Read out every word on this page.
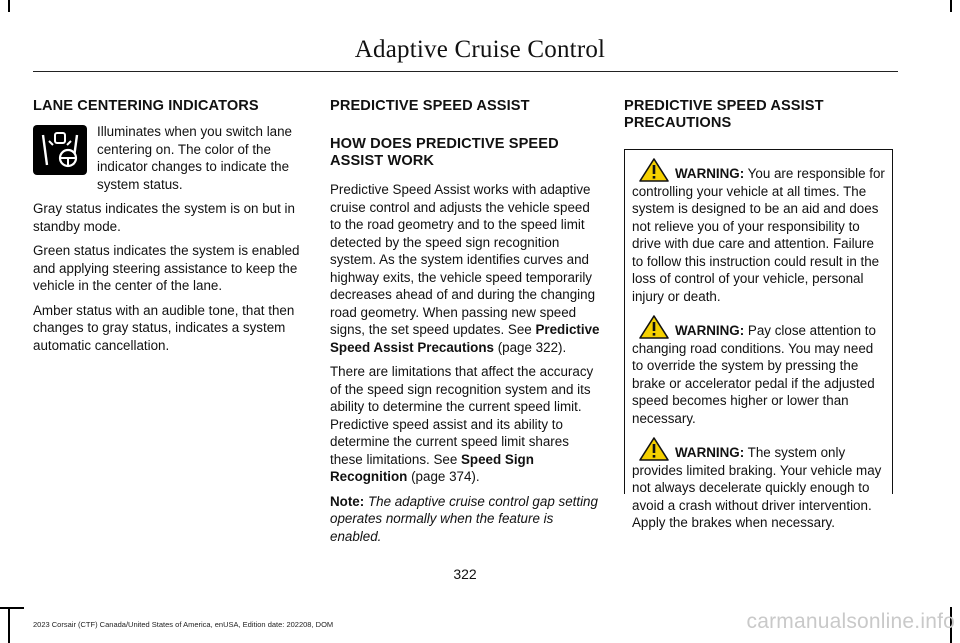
Adaptive Cruise Control
LANE CENTERING INDICATORS

Illuminates when you switch lane centering on. The color of the indicator changes to indicate the system status.

Gray status indicates the system is on but in standby mode.

Green status indicates the system is enabled and applying steering assistance to keep the vehicle in the center of the lane.

Amber status with an audible tone, that then changes to gray status, indicates a system automatic cancellation.

PREDICTIVE SPEED ASSIST
HOW DOES PREDICTIVE SPEED ASSIST WORK

Predictive Speed Assist works with adaptive cruise control and adjusts the vehicle speed to the road geometry and to the speed limit detected by the speed sign recognition system. As the system identifies curves and highway exits, the vehicle speed temporarily decreases ahead of and during the changing road geometry. When passing new speed signs, the set speed updates. See Predictive Speed Assist Precautions (page 322).

There are limitations that affect the accuracy of the speed sign recognition system and its ability to determine the current speed limit. Predictive speed assist and its ability to determine the current speed limit shares these limitations. See Speed Sign Recognition (page 374).

Note: The adaptive cruise control gap setting operates normally when the feature is enabled.

PREDICTIVE SPEED ASSIST PRECAUTIONS
WARNING: You are responsible for controlling your vehicle at all times. The system is designed to be an aid and does not relieve you of your responsibility to drive with due care and attention. Failure to follow this instruction could result in the loss of control of your vehicle, personal injury or death.
WARNING: Pay close attention to changing road conditions. You may need to override the system by pressing the brake or accelerator pedal if the adjusted speed becomes higher or lower than necessary.
WARNING: The system only provides limited braking. Your vehicle may not always decelerate quickly enough to avoid a crash without driver intervention. Apply the brakes when necessary.
322
2023 Corsair (CTF) Canada/United States of America, enUSA, Edition date: 202208, DOM	carmanualsonline.info
